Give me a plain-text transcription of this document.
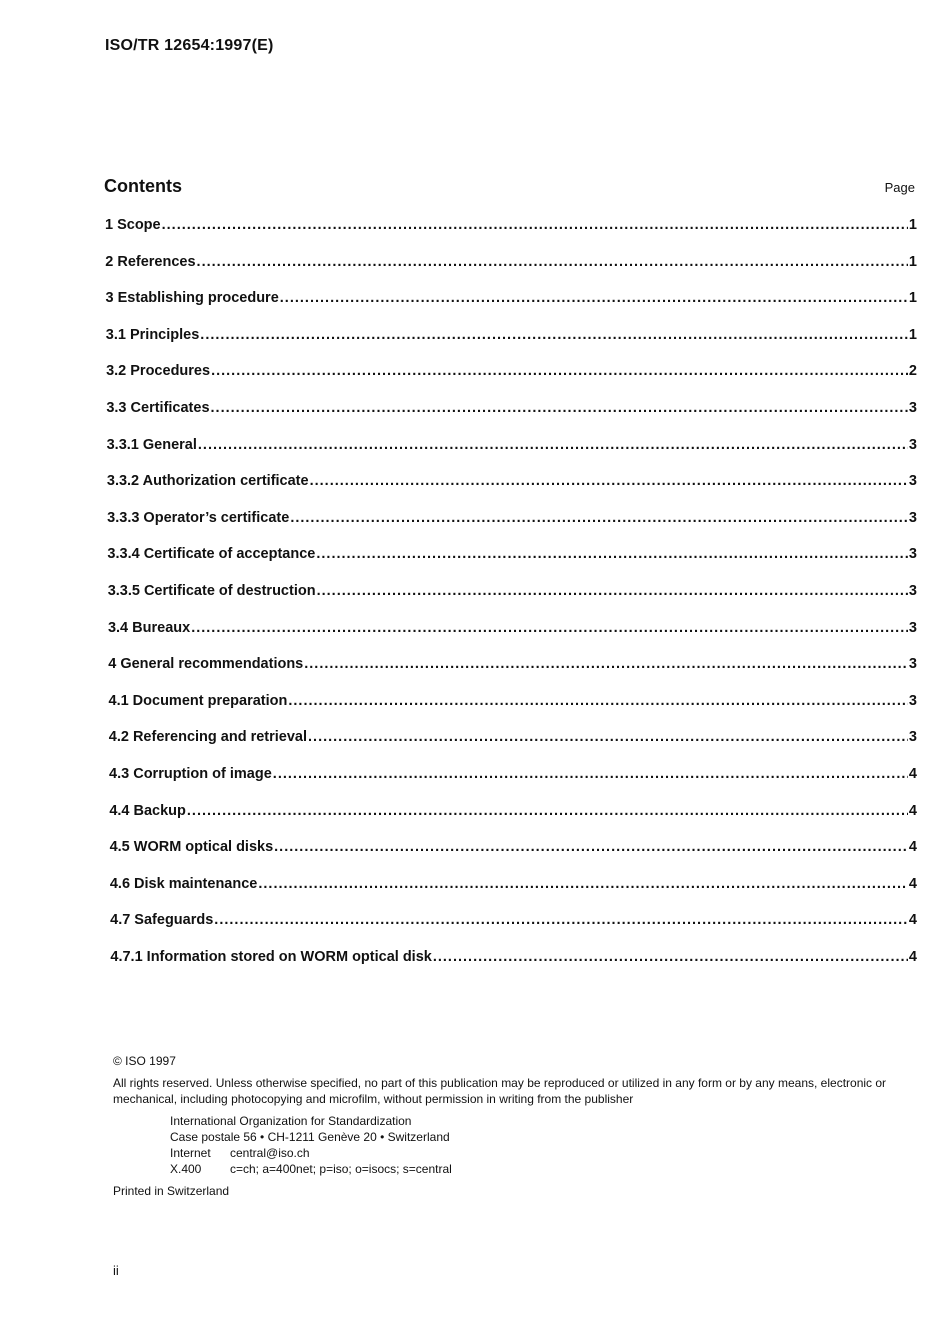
ISO/TR 12654:1997(E)
Contents	Page
1 Scope .....	1
2 References .....	1
3 Establishing procedure .....	1
3.1 Principles .....	1
3.2 Procedures .....	2
3.3 Certificates .....	3
3.3.1 General .....	3
3.3.2 Authorization certificate .....	3
3.3.3 Operator’s certificate .....	3
3.3.4 Certificate of acceptance .....	3
3.3.5 Certificate of destruction .....	3
3.4 Bureaux .....	3
4 General recommendations .....	3
4.1 Document preparation .....	3
4.2 Referencing and retrieval .....	3
4.3 Corruption of image .....	4
4.4 Backup .....	4
4.5 WORM optical disks .....	4
4.6 Disk maintenance .....	4
4.7 Safeguards .....	4
4.7.1 Information stored on WORM optical disk .....	4
© ISO 1997
All rights reserved. Unless otherwise specified, no part of this publication may be reproduced or utilized in any form or by any means, electronic or mechanical, including photocopying and microfilm, without permission in writing from the publisher
International Organization for Standardization
Case postale 56 • CH-1211 Genève 20 • Switzerland
Internet	central@iso.ch
X.400	c=ch; a=400net; p=iso; o=isocs; s=central
Printed in Switzerland
ii
